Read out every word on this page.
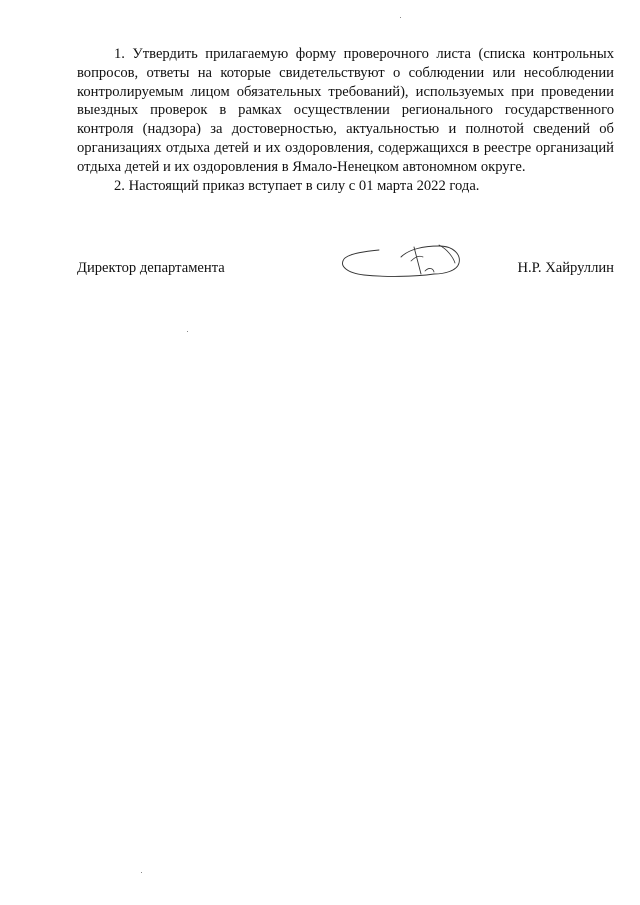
1. Утвердить прилагаемую форму проверочного листа (списка контрольных вопросов, ответы на которые свидетельствуют о соблюдении или несоблюдении контролируемым лицом обязательных требований), используемых при проведении выездных проверок в рамках осуществлении регионального государственного контроля (надзора) за достоверностью, актуальностью и полнотой сведений об организациях отдыха детей и их оздоровления, содержащихся в реестре организаций отдыха детей и их оздоровления в Ямало-Ненецком автономном округе.

2. Настоящий приказ вступает в силу с 01 марта 2022 года.

Директор департамента	Н.Р. Хайруллин
